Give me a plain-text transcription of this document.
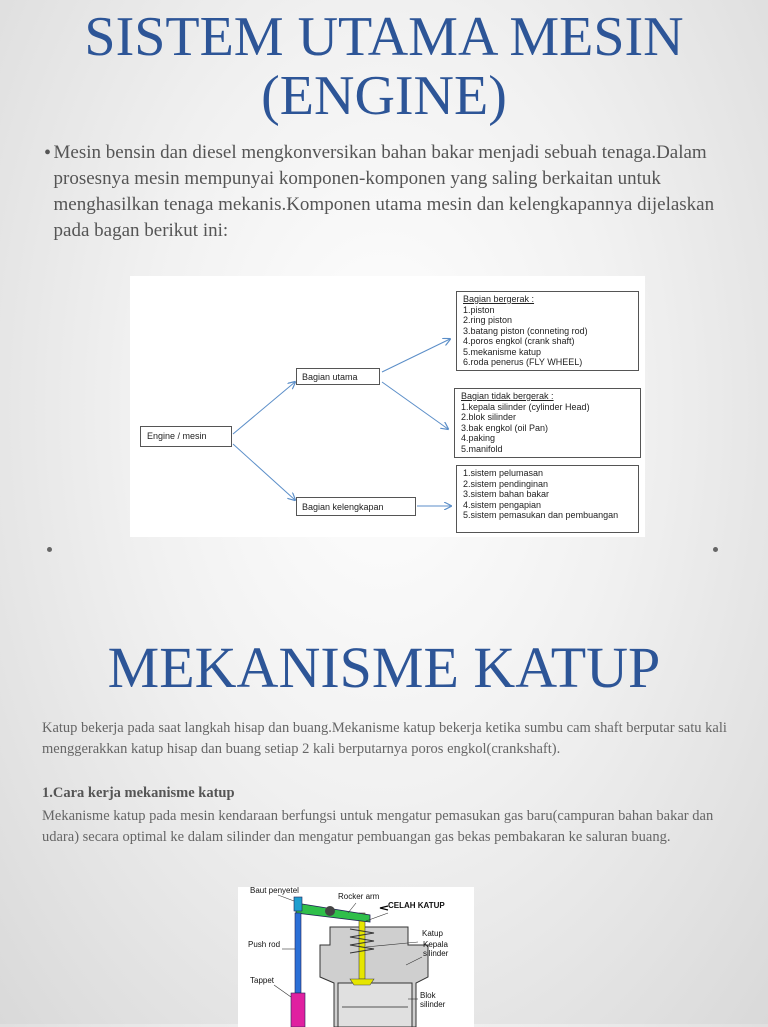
SISTEM UTAMA MESIN (ENGINE)
• Mesin bensin dan diesel mengkonversikan bahan bakar menjadi sebuah tenaga.Dalam prosesnya mesin mempunyai komponen-komponen yang saling berkaitan untuk menghasilkan tenaga mekanis.Komponen utama mesin dan kelengkapannya dijelaskan pada bagan berikut ini:
Engine / mesin
Bagian utama
Bagian kelengkapan
Bagian bergerak :
1.piston
2.ring piston
3.batang piston (conneting rod)
4.poros engkol (crank shaft)
5.mekanisme katup
6.roda penerus (FLY WHEEL)
Bagian tidak bergerak :
1.kepala silinder (cylinder Head)
2.blok silinder
3.bak engkol (oil Pan)
4.paking
5.manifold
1.sistem pelumasan
2.sistem pendinginan
3.sistem bahan bakar
4.sistem pengapian
5.sistem pemasukan dan pembuangan
MEKANISME KATUP
Katup bekerja pada saat langkah hisap dan buang.Mekanisme katup bekerja ketika sumbu cam shaft berputar satu kali menggerakkan katup hisap dan buang setiap 2 kali berputarnya poros engkol(crankshaft).
1.Cara kerja mekanisme katup
Mekanisme katup pada mesin kendaraan berfungsi untuk mengatur pemasukan gas baru(campuran bahan bakar dan udara) secara optimal ke dalam silinder dan mengatur pembuangan gas bekas pembakaran ke saluran buang.
Baut penyetel
Rocker arm
CELAH KATUP
Katup
Kepala
silinder
Push rod
Tappet
Blok
silinder
